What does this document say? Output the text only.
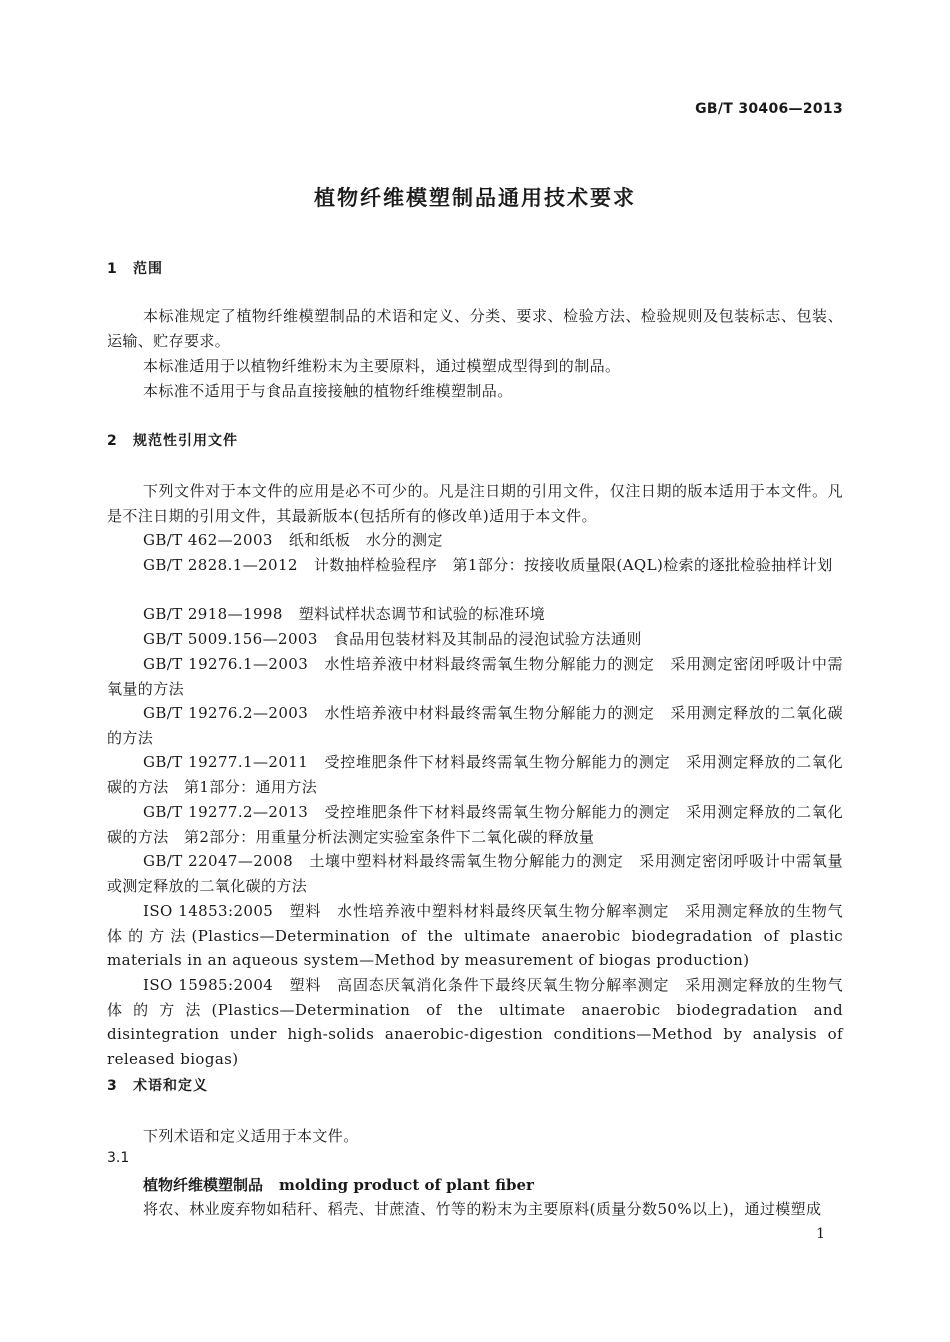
GB/T 30406—2013
植物纤维模塑制品通用技术要求
1 范围
本标准规定了植物纤维模塑制品的术语和定义、分类、要求、检验方法、检验规则及包装标志、包装、运输、贮存要求。
本标准适用于以植物纤维粉末为主要原料，通过模塑成型得到的制品。
本标准不适用于与食品直接接触的植物纤维模塑制品。
2 规范性引用文件
下列文件对于本文件的应用是必不可少的。凡是注日期的引用文件，仅注日期的版本适用于本文件。凡是不注日期的引用文件，其最新版本(包括所有的修改单)适用于本文件。
GB/T 462—2003 纸和纸板　水分的测定
GB/T 2828.1—2012 计数抽样检验程序　第1部分：按接收质量限(AQL)检索的逐批检验抽样计划
GB/T 2918—1998 塑料试样状态调节和试验的标准环境
GB/T 5009.156—2003 食品用包装材料及其制品的浸泡试验方法通则
GB/T 19276.1—2003 水性培养液中材料最终需氧生物分解能力的测定　采用测定密闭呼吸计中需氧量的方法
GB/T 19276.2—2003 水性培养液中材料最终需氧生物分解能力的测定　采用测定释放的二氧化碳的方法
GB/T 19277.1—2011 受控堆肥条件下材料最终需氧生物分解能力的测定　采用测定释放的二氧化碳的方法　第1部分：通用方法
GB/T 19277.2—2013 受控堆肥条件下材料最终需氧生物分解能力的测定　采用测定释放的二氧化碳的方法　第2部分：用重量分析法测定实验室条件下二氧化碳的释放量
GB/T 22047—2008 土壤中塑料材料最终需氧生物分解能力的测定　采用测定密闭呼吸计中需氧量或测定释放的二氧化碳的方法
ISO 14853:2005 塑料　水性培养液中塑料材料最终厌氧生物分解率测定　采用测定释放的生物气体的方法(Plastics—Determination of the ultimate anaerobic biodegradation of plastic materials in an aqueous system—Method by measurement of biogas production)
ISO 15985:2004 塑料　高固态厌氧消化条件下最终厌氧生物分解率测定　采用测定释放的生物气体的方法(Plastics—Determination of the ultimate anaerobic biodegradation and disintegration under high-solids anaerobic-digestion conditions—Method by analysis of released biogas)
3 术语和定义
下列术语和定义适用于本文件。
3.1
植物纤维模塑制品 molding product of plant fiber
将农、林业废弃物如秸秆、稻壳、甘蔗渣、竹等的粉末为主要原料(质量分数50%以上)，通过模塑成
1
